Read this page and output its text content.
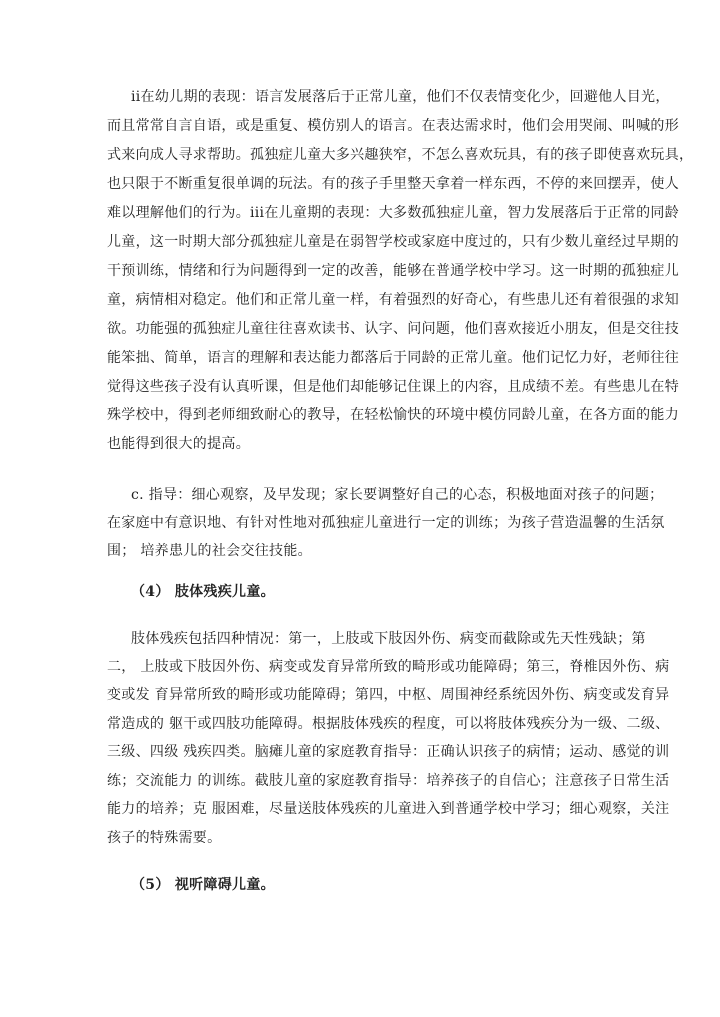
ii在幼儿期的表现：语言发展落后于正常儿童，他们不仅表情变化少，回避他人目光，
而且常常自言自语，或是重复、模仿别人的语言。在表达需求时，他们会用哭闹、叫喊的形
式来向成人寻求帮助。孤独症儿童大多兴趣狭窄，不怎么喜欢玩具，有的孩子即使喜欢玩具，
也只限于不断重复很单调的玩法。有的孩子手里整天拿着一样东西，不停的来回摆弄，使人
难以理解他们的行为。iii在儿童期的表现：大多数孤独症儿童，智力发展落后于正常的同龄
儿童，这一时期大部分孤独症儿童是在弱智学校或家庭中度过的，只有少数儿童经过早期的
干预训练，情绪和行为问题得到一定的改善，能够在普通学校中学习。这一时期的孤独症儿
童，病情相对稳定。他们和正常儿童一样，有着强烈的好奇心，有些患儿还有着很强的求知
欲。功能强的孤独症儿童往往喜欢读书、认字、问问题，他们喜欢接近小朋友，但是交往技
能笨拙、简单，语言的理解和表达能力都落后于同龄的正常儿童。他们记忆力好，老师往往
觉得这些孩子没有认真听课，但是他们却能够记住课上的内容，且成绩不差。有些患儿在特
殊学校中，得到老师细致耐心的教导，在轻松愉快的环境中模仿同龄儿童，在各方面的能力
也能得到很大的提高。
c. 指导：细心观察，及早发现；家长要调整好自己的心态，积极地面对孩子的问题；
在家庭中有意识地、有针对性地对孤独症儿童进行一定的训练；为孩子营造温馨的生活氛
围； 培养患儿的社会交往技能。
（4） 肢体残疾儿童。
肢体残疾包括四种情况：第一，上肢或下肢因外伤、病变而截除或先天性残缺；第
二， 上肢或下肢因外伤、病变或发育异常所致的畸形或功能障碍；第三，脊椎因外伤、病
变或发 育异常所致的畸形或功能障碍；第四，中枢、周围神经系统因外伤、病变或发育异
常造成的 躯干或四肢功能障碍。根据肢体残疾的程度，可以将肢体残疾分为一级、二级、
三级、四级 残疾四类。脑瘫儿童的家庭教育指导：正确认识孩子的病情；运动、感觉的训
练；交流能力 的训练。截肢儿童的家庭教育指导：培养孩子的自信心；注意孩子日常生活
能力的培养；克 服困难，尽量送肢体残疾的儿童进入到普通学校中学习；细心观察，关注
孩子的特殊需要。
（5） 视听障碍儿童。
